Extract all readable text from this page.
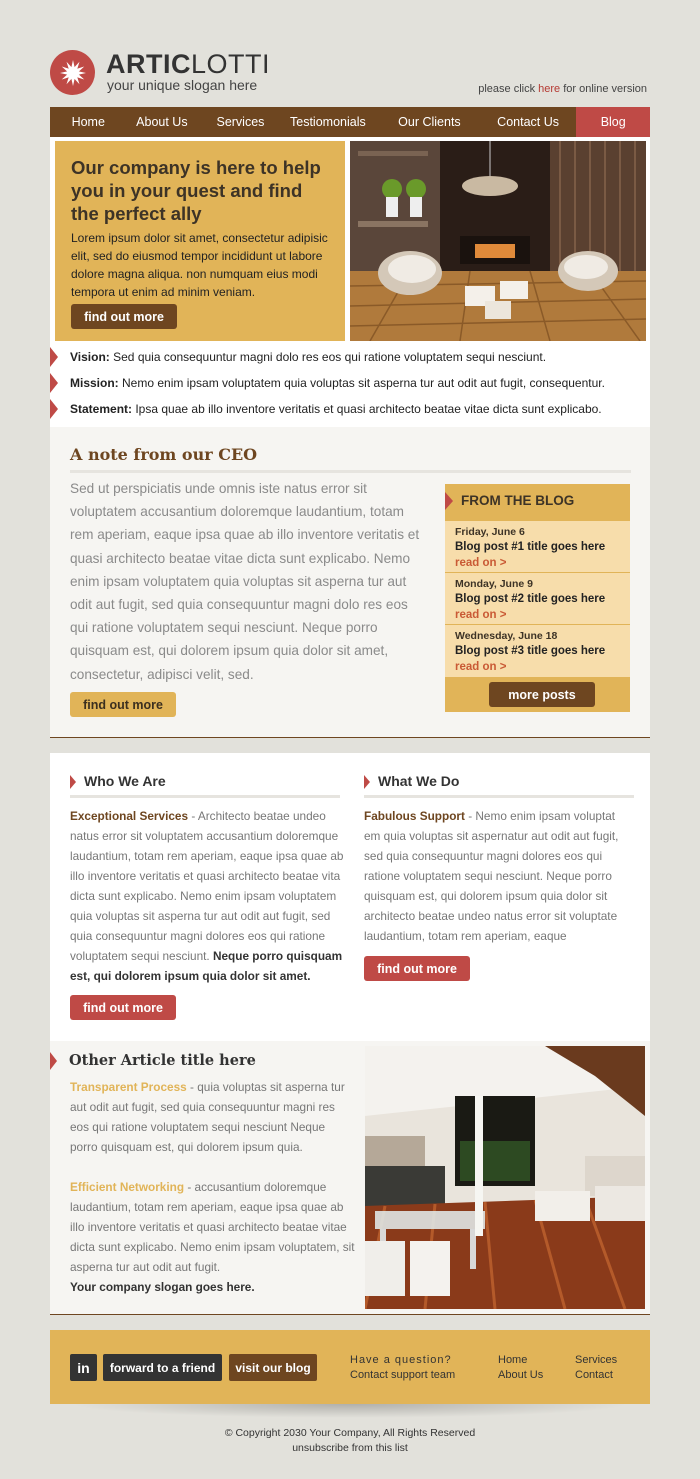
ARTICLOTTI
your unique slogan here	please click here for online version
Home	About Us	Services	Testiomonials	Our Clients	Contact Us	Blog
Our company is here to help you in your quest and find the perfect ally
Lorem ipsum dolor sit amet, consectetur adipisic elit, sed do eiusmod tempor incididunt ut labore dolore magna aliqua. non numquam eius modi tempora ut enim ad minim veniam.
find out more
Vision: Sed quia consequuntur magni dolo res eos qui ratione voluptatem sequi nesciunt.
Mission: Nemo enim ipsam voluptatem quia voluptas sit asperna tur aut odit aut fugit, consequentur.
Statement: Ipsa quae ab illo inventore veritatis et quasi architecto beatae vitae dicta sunt explicabo.
A note from our CEO
Sed ut perspiciatis unde omnis iste natus error sit voluptatem accusantium doloremque laudantium, totam rem aperiam, eaque ipsa quae ab illo inventore veritatis et quasi architecto beatae vitae dicta sunt explicabo. Nemo enim ipsam voluptatem quia voluptas sit asperna tur aut odit aut fugit, sed quia consequuntur magni dolo res eos qui ratione voluptatem sequi nesciunt. Neque porro quisquam est, qui dolorem ipsum quia dolor sit amet, consectetur, adipisci velit, sed.
find out more
FROM THE BLOG
Friday, June 6
Blog post #1 title goes here
read on >
Monday, June 9
Blog post #2 title goes here
read on >
Wednesday, June 18
Blog post #3 title goes here
read on >
more posts
Who We Are
Exceptional Services - Architecto beatae undeo natus error sit voluptatem accusantium doloremque laudantium, totam rem aperiam, eaque ipsa quae ab illo inventore veritatis et quasi architecto beatae vita dicta sunt explicabo. Nemo enim ipsam voluptatem quia voluptas sit asperna tur aut odit aut fugit, sed quia consequuntur magni dolores eos qui ratione voluptatem sequi nesciunt. Neque porro quisquam est, qui dolorem ipsum quia dolor sit amet.
find out more
What We Do
Fabulous Support - Nemo enim ipsam voluptat em quia voluptas sit aspernatur aut odit aut fugit, sed quia consequuntur magni dolores eos qui ratione voluptatem sequi nesciunt. Neque porro quisquam est, qui dolorem ipsum quia dolor sit architecto beatae undeo natus error sit voluptate laudantium, totam rem aperiam, eaque
find out more
Other Article title here
Transparent Process - quia voluptas sit asperna tur aut odit aut fugit, sed quia consequuntur magni res eos qui ratione voluptatem sequi nesciunt Neque porro quisquam est, qui dolorem ipsum quia.

Efficient Networking - accusantium doloremque laudantium, totam rem aperiam, eaque ipsa quae ab illo inventore veritatis et quasi architecto beatae vitae dicta sunt explicabo. Nemo enim ipsam voluptatem, sit asperna tur aut odit aut fugit.
Your company slogan goes here.
in	forward to a friend	visit our blog
Have a question?
Contact support team
Home
About Us
Services
Contact
© Copyright 2030 Your Company, All Rights Reserved
unsubscribe from this list
